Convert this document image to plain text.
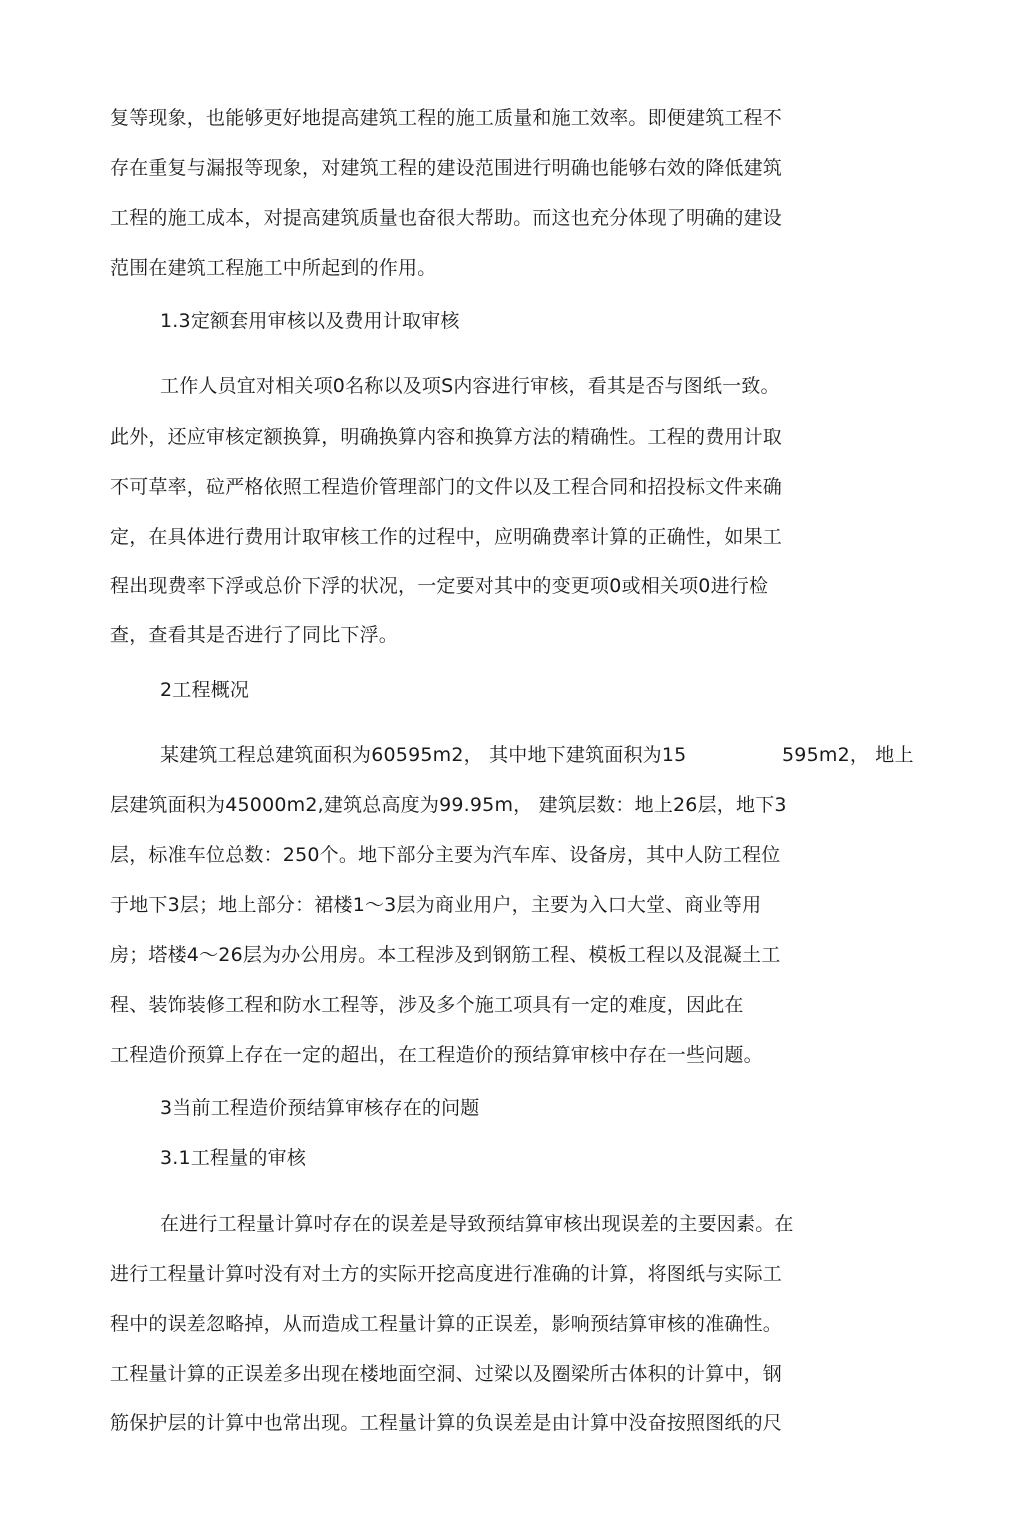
复等现象，也能够更好地提高建筑工程的施工质量和施工效率。即便建筑工程不
存在重复与漏报等现象，对建筑工程的建设范围进行明确也能够右效的降低建筑
工程的施工成本，对提高建筑质量也奋很大帮助。而这也充分体现了明确的建设
范围在建筑工程施工中所起到的作用。
1.3定额套用审核以及费用计取审核
工作人员宜对相关项0名称以及项S内容进行审核，看其是否与图纸一致。
此外，还应审核定额换算，明确换算内容和换算方法的精确性。工程的费用计取
不可草率，砬严格依照工程造价管理部门的文件以及工程合同和招投标文件来确
定，在具体进行费用计取审核工作的过程中，应明确费率计算的正确性，如果工
程出现费率下浮或总价下浮的状况，一定要对其中的变更项0或相关项0进行检
查，查看其是否进行了同比下浮。
2工程概况
某建筑工程总建筑面积为60595m2， 其中地下建筑面积为15	595m2， 地上
层建筑面积为45000m2,建筑总高度为99.95m， 建筑层数：地上26层，地下3
层，标准车位总数：250个。地下部分主要为汽车库、设备房，其中人防工程位
于地下3层；地上部分：裙楼1～3层为商业用户，主要为入口大堂、商业等用
房；塔楼4～26层为办公用房。本工程涉及到钢筋工程、模板工程以及混凝土工
程、装饰装修工程和防水工程等，涉及多个施工项具有一定的难度，因此在
工程造价预算上存在一定的超出，在工程造价的预结算审核中存在一些问题。
3当前工程造价预结算审核存在的问题
3.1工程量的审核
在进行工程量计算吋存在的误差是导致预结算审核出现误差的主要因素。在
进行工程量计算吋没有对土方的实际开挖高度进行准确的计算，将图纸与实际工
程中的误差忽略掉，从而造成工程量计算的正误差，影响预结算审核的准确性。
工程量计算的正误差多出现在楼地面空洞、过梁以及圈梁所古体积的计算中，钢
筋保护层的计算中也常出现。工程量计算的负误差是由计算中没奋按照图纸的尺
